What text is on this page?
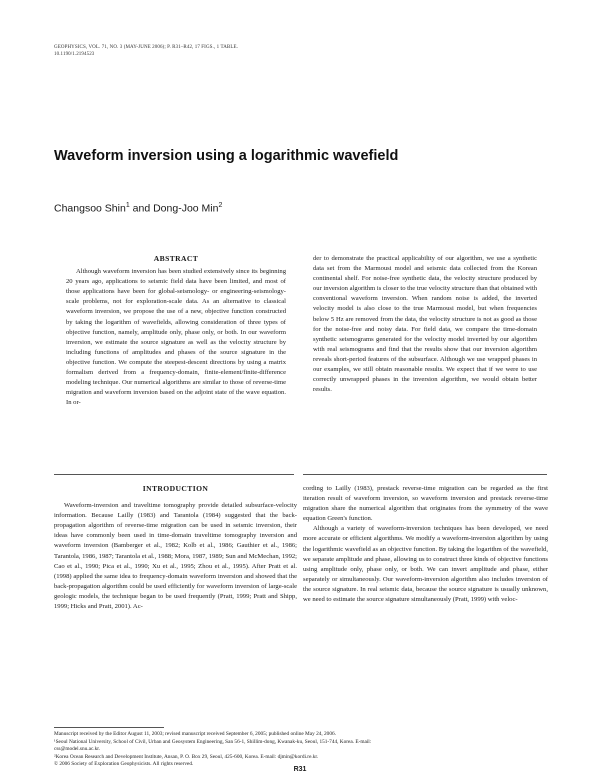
GEOPHYSICS, VOL. 71, NO. 3 (MAY-JUNE 2006); P. R31–R42, 17 FIGS., 1 TABLE.
10.1190/1.2194523
Waveform inversion using a logarithmic wavefield
Changsoo Shin$^1$ and Dong-Joo Min$^2$

ABSTRACT

Although waveform inversion has been studied extensively since its beginning 20 years ago, applications to seismic field data have been limited, and most of those applications have been for global-seismology- or engineering-seismology-scale problems, not for exploration-scale data. As an alternative to classical waveform inversion, we propose the use of a new, objective function constructed by taking the logarithm of wavefields, allowing consideration of three types of objective function, namely, amplitude only, phase only, or both. In our waveform inversion, we estimate the source signature as well as the velocity structure by including functions of amplitudes and phases of the source signature in the objective function. We compute the steepest-descent directions by using a matrix formalism derived from a frequency-domain, finite-element/finite-difference modeling technique. Our numerical algorithms are similar to those of reverse-time migration and waveform inversion based on the adjoint state of the wave equation. In or-

der to demonstrate the practical applicability of our algorithm, we use a synthetic data set from the Marmousi model and seismic data collected from the Korean continental shelf. For noise-free synthetic data, the velocity structure produced by our inversion algorithm is closer to the true velocity structure than that obtained with conventional waveform inversion. When random noise is added, the inverted velocity model is also close to the true Marmousi model, but when frequencies below 5 Hz are removed from the data, the velocity structure is not as good as those for the noise-free and noisy data. For field data, we compare the time-domain synthetic seismograms generated for the velocity model inverted by our algorithm with real seismograms and find that the results show that our inversion algorithm reveals short-period features of the subsurface. Although we use wrapped phases in our examples, we still obtain reasonable results. We expect that if we were to use correctly unwrapped phases in the inversion algorithm, we would obtain better results.

INTRODUCTION

Waveform-inversion and traveltime tomography provide detailed subsurface-velocity information. Because Lailly (1983) and Tarantola (1984) suggested that the back-propagation algorithm of reverse-time migration can be used in seismic inversion, their ideas have commonly been used in time-domain traveltime tomography inversion and waveform inversion (Bamberger et al., 1982; Kolb et al., 1986; Gauthier et al., 1986; Tarantola, 1986, 1987; Tarantola et al., 1988; Mora, 1987, 1989; Sun and McMechan, 1992; Cao et al., 1990; Pica et al., 1990; Xu et al., 1995; Zhou et al., 1995). After Pratt et al. (1998) applied the same idea to frequency-domain waveform inversion and showed that the back-propagation algorithm could be used efficiently for waveform inversion of large-scale geologic models, the technique began to be used frequently (Pratt, 1999; Pratt and Shipp, 1999; Hicks and Pratt, 2001). Ac-

cording to Lailly (1983), prestack reverse-time migration can be regarded as the first iteration result of waveform inversion, so waveform inversion and prestack reverse-time migration share the numerical algorithm that originates from the symmetry of the wave equation Green's function.

Although a variety of waveform-inversion techniques has been developed, we need more accurate or efficient algorithms. We modify a waveform-inversion algorithm by using the logarithmic wavefield as an objective function. By taking the logarithm of the wavefield, we separate amplitude and phase, allowing us to construct three kinds of objective functions using amplitude only, phase only, or both. We can invert amplitude and phase, either separately or simultaneously. Our waveform-inversion algorithm also includes inversion of the source signature. In real seismic data, because the source signature is usually unknown, we need to estimate the source signature simultaneously (Pratt, 1999) with veloc-

Manuscript received by the Editor August 11, 2003; revised manuscript received September 6, 2005; published online May 24, 2006.
¹Seoul National University, School of Civil, Urban and Geosystem Engineering, San 56-1, Shillim-dong, Kwanak-ku, Seoul, 151-744, Korea. E-mail:
css@model.snu.ac.kr.
²Korea Ocean Research and Development Institute, Ansan, P. O. Box 29, Seoul, 425-600, Korea. E-mail: djmin@kordi.re.kr.
© 2006 Society of Exploration Geophysicists. All rights reserved.
R31
